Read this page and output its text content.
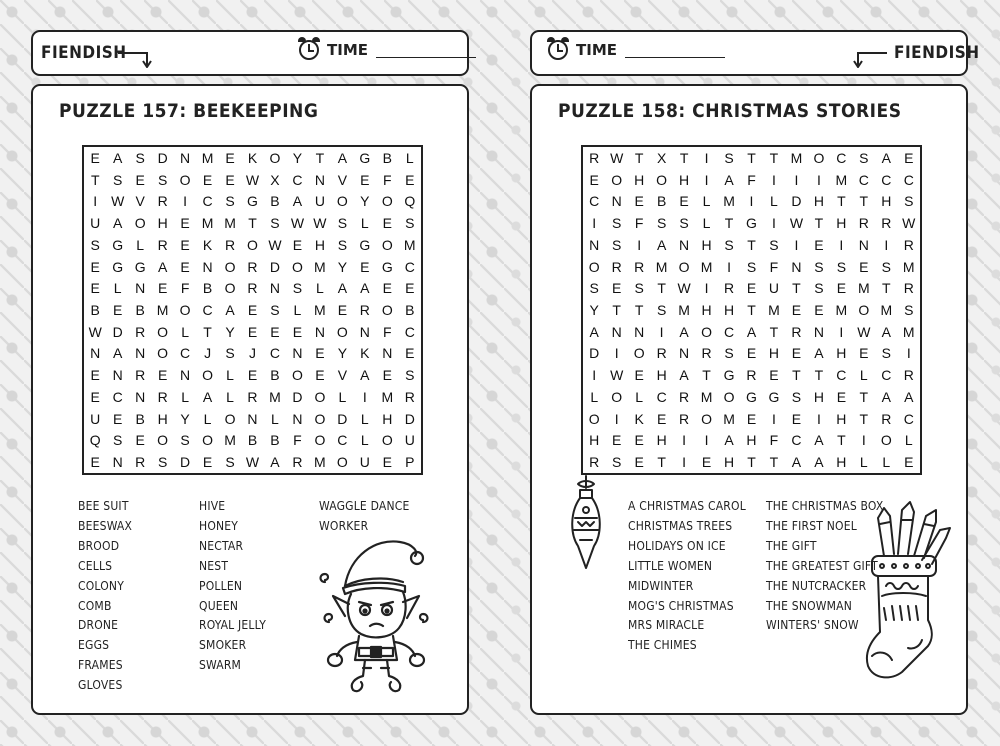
FIENDISH	TIME	TIME	FIENDISH
PUZZLE 157: BEEKEEPING
E A S D N M E K O Y T A G B L
T S E S O E E W X C N V E F E
I W V R	I	C S G B A U O Y O Q
U A O H E M M T S W W S L E S
S G L R E K R O W E H S G O M
E G G A E N O R D O M Y E G C
E L N E F B O R N S L A A E E
B E B M O C A E S L M E R O B
W D R O L	T Y E E E N O N F C
N A N O C J	S	J C N E Y K N E
E N R E N O L E B O E V A E S
E C N R L A L R M D O L	I	M R
U E B H Y L O N L N O D L H D
Q S E O S O M B B F O C L O U
E N R S D E S W A R M O U E P
BEE SUIT
BEESWAX
BROOD
CELLS
COLONY
COMB
DRONE
EGGS
FRAMES
GLOVES
HIVE
HONEY
NECTAR
NEST
POLLEN
QUEEN
ROYAL JELLY
SMOKER
SWARM
WAGGLE DANCE
WORKER
PUZZLE 158: CHRISTMAS STORIES
R W T X T	I	S T T M O C S A E
E O H O H	I	A F	I	I	I	M C C C
C N E B E L M	I	L D H T T H S
I	S F S S L	T G	I W T H R R W
N S	I	A N H S T S	I	E	I	N	I	R
O R R M O M	I	S F N S S E S M
S E S T W I	R E U T S E M T R
Y T T S M H H T M E E M O M S
A N N	I	A O C A T R N	I W A M
D	I	O R N R S E H E A H E S	I
I W E H A T G R E T T C L C R
L O L C R M O G G S H E T A A
O	I	K E R O M E	I	E	I	H T R C
H E E H	I	I	A H F C A T	I	O L
R S E T	I	E H T T A A H L	L E
A CHRISTMAS CAROL
CHRISTMAS TREES
HOLIDAYS ON ICE
LITTLE WOMEN
MIDWINTER
MOG'S CHRISTMAS
MRS MIRACLE
THE CHIMES
THE CHRISTMAS BOX
THE FIRST NOEL
THE GIFT
THE GREATEST GIFT
THE NUTCRACKER
THE SNOWMAN
WINTERS' SNOW
